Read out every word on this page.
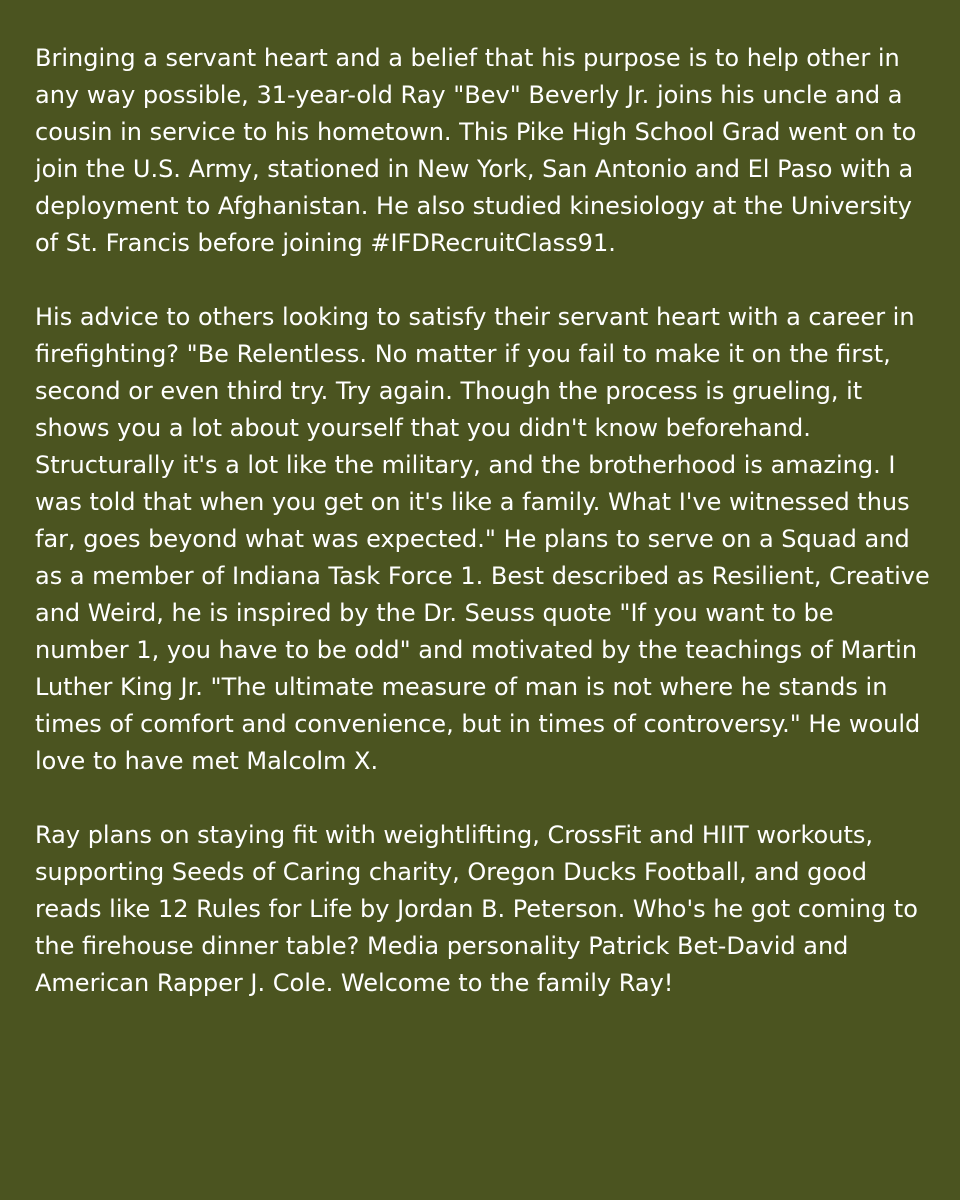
Bringing a servant heart and a belief that his purpose is to help other in any way possible, 31-year-old Ray "Bev" Beverly Jr. joins his uncle and a cousin in service to his hometown. This Pike High School Grad went on to join the U.S. Army, stationed in New York, San Antonio and El Paso with a deployment to Afghanistan. He also studied kinesiology at the University of St. Francis before joining #IFDRecruitClass91.

His advice to others looking to satisfy their servant heart with a career in firefighting? "Be Relentless. No matter if you fail to make it on the first, second or even third try. Try again. Though the process is grueling, it shows you a lot about yourself that you didn't know beforehand. Structurally it's a lot like the military, and the brotherhood is amazing. I was told that when you get on it's like a family. What I've witnessed thus far, goes beyond what was expected." He plans to serve on a Squad and as a member of Indiana Task Force 1. Best described as Resilient, Creative and Weird, he is inspired by the Dr. Seuss quote "If you want to be number 1, you have to be odd" and motivated by the teachings of Martin Luther King Jr. "The ultimate measure of man is not where he stands in times of comfort and convenience, but in times of controversy." He would love to have met Malcolm X.

Ray plans on staying fit with weightlifting, CrossFit and HIIT workouts, supporting Seeds of Caring charity, Oregon Ducks Football, and good reads like 12 Rules for Life by Jordan B. Peterson. Who's he got coming to the firehouse dinner table? Media personality Patrick Bet-David and American Rapper J. Cole. Welcome to the family Ray!
